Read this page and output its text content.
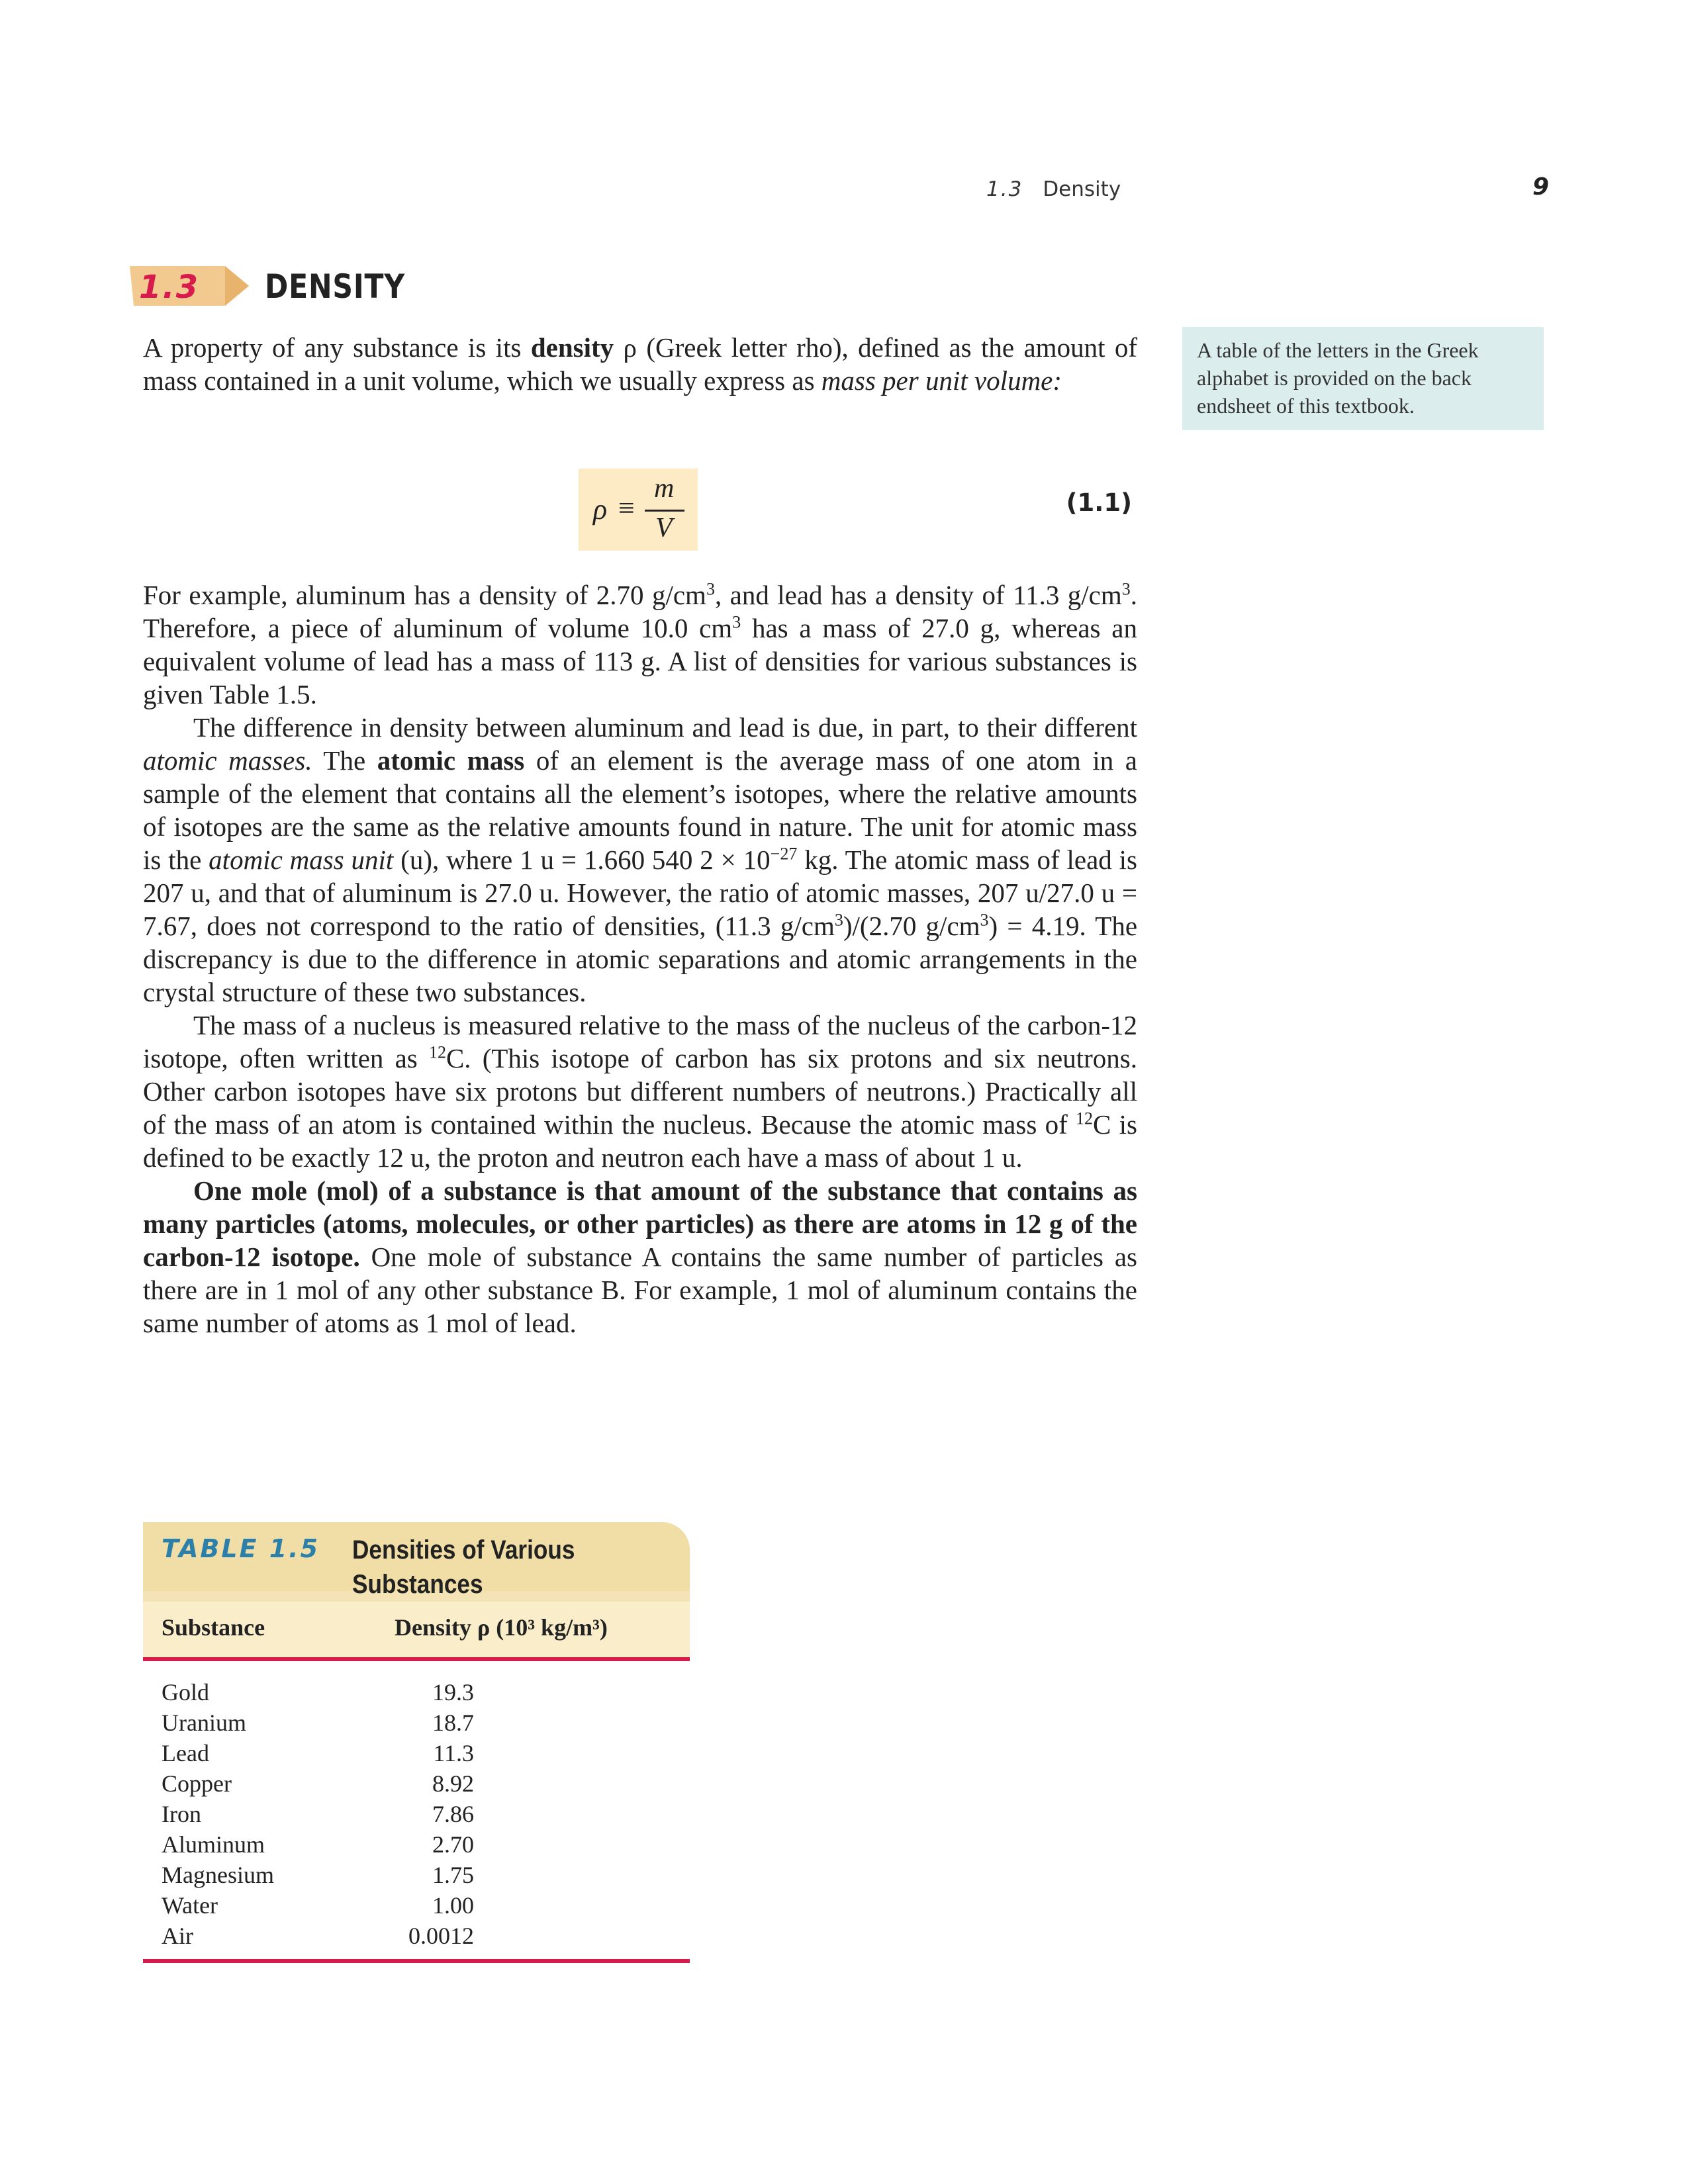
1.3 Density	9
1.3 DENSITY

A property of any substance is its density ρ (Greek letter rho), defined as the amount of mass contained in a unit volume, which we usually express as mass per unit volume:

A table of the letters in the Greek alphabet is provided on the back endsheet of this textbook.
ρ ≡
m
V
(1.1)

For example, aluminum has a density of 2.70 $g/cm^3$, and lead has a density of 11.3 $g/cm^3$. Therefore, a piece of aluminum of volume 10.0 $cm^3$ has a mass of 27.0 g, whereas an equivalent volume of lead has a mass of 113 g. A list of densities for various substances is given Table 1.5.

The difference in density between aluminum and lead is due, in part, to their different atomic masses. The atomic mass of an element is the average mass of one atom in a sample of the element that contains all the element’s isotopes, where the relative amounts of isotopes are the same as the relative amounts found in nature. The unit for atomic mass is the atomic mass unit (u), where 1 u = 1.660 540 $2 \times 10^{-27}$ kg. The atomic mass of lead is 207 u, and that of aluminum is 27.0 u. However, the ratio of atomic masses, 207 u/27.0 u = 7.67, does not correspond to the ratio of densities, (11.3 $g/cm^3)/(2.70$ $g/cm^3) = 4.19$. The discrepancy is due to the difference in atomic separations and atomic arrangements in the crystal structure of these two substances.

The mass of a nucleus is measured relative to the mass of the nucleus of the carbon-12 isotope, often written as $^{12}$C. (This isotope of carbon has six protons and six neutrons. Other carbon isotopes have six protons but different numbers of neutrons.) Practically all of the mass of an atom is contained within the nucleus. Because the atomic mass of $^{12}$C is defined to be exactly 12 u, the proton and neutron each have a mass of about 1 u.

One mole (mol) of a substance is that amount of the substance that contains as many particles (atoms, molecules, or other particles) as there are atoms in 12 g of the carbon-12 isotope. One mole of substance A contains the same number of particles as there are in 1 mol of any other substance B. For example, 1 mol of aluminum contains the same number of atoms as 1 mol of lead.

TABLE 1.5 Densities of Various Substances
Substance	Density ρ (10³ kg/m³)
Gold	19.3
Uranium	18.7
Lead	11.3
Copper	8.92
Iron	7.86
Aluminum	2.70
Magnesium	1.75
Water	1.00
Air	0.0012
